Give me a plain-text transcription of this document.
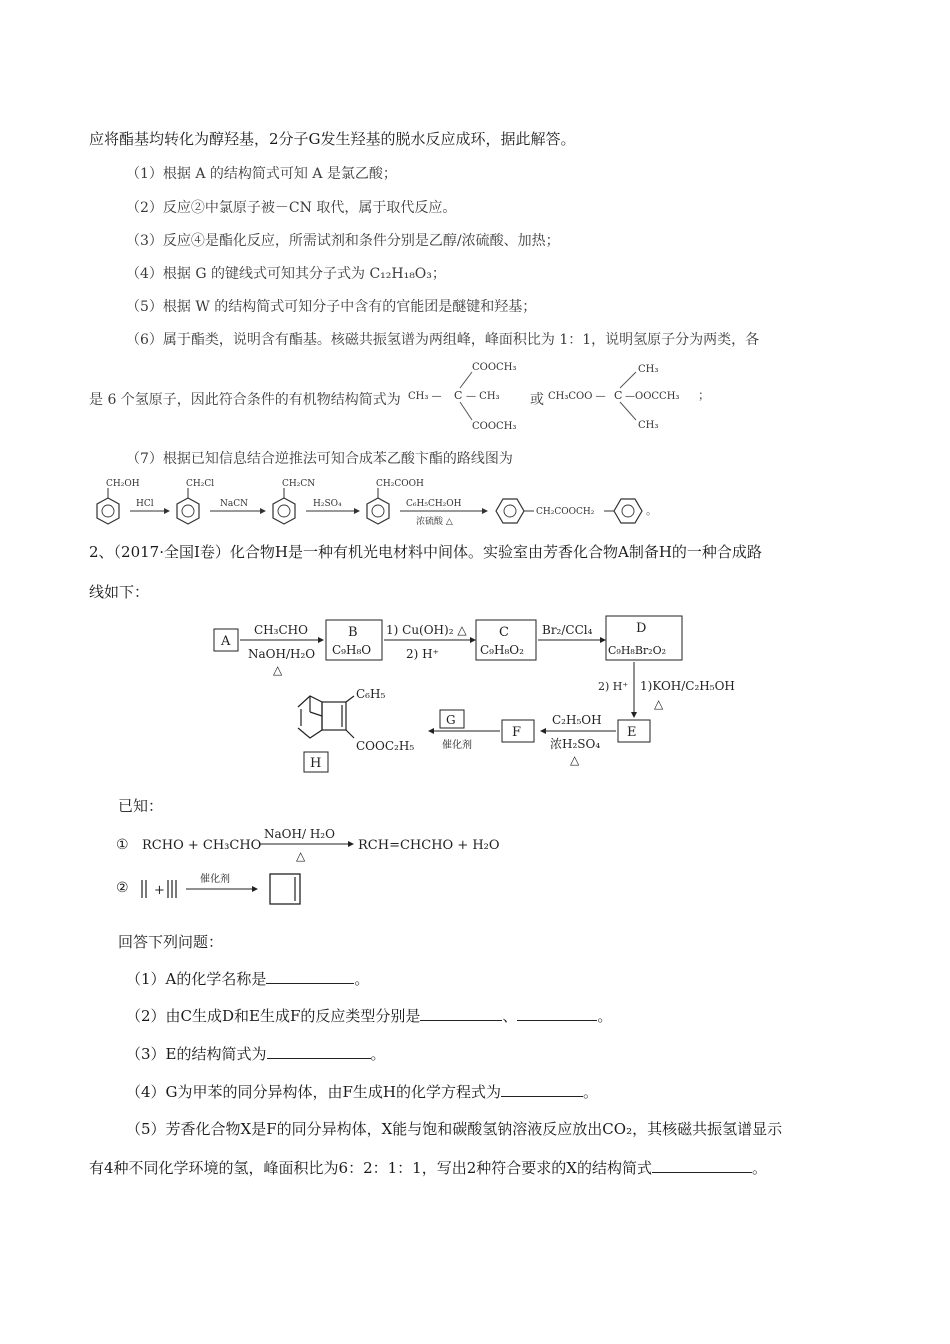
应将酯基均转化为醇羟基，2分子G发生羟基的脱水反应成环，据此解答。
（1）根据 A 的结构简式可知 A 是氯乙酸；
（2）反应②中氯原子被－CN 取代，属于取代反应。
（3）反应④是酯化反应，所需试剂和条件分别是乙醇/浓硫酸、加热；
（4）根据 G 的键线式可知其分子式为 C₁₂H₁₈O₃；
（5）根据 W 的结构简式可知分子中含有的官能团是醚键和羟基；
（6）属于酯类，说明含有酯基。核磁共振氢谱为两组峰，峰面积比为 1：1，说明氢原子分为两类，各
是 6 个氢原子，因此符合条件的有机物结构简式为
COOCH₃
CH₃ — C — CH₃
COOCH₃
或 CH₃COO — C
CH₃
—OOCCH₃
CH₃
；
（7）根据已知信息结合逆推法可知合成苯乙酸卞酯的路线图为
CH₂OH
HCl
CH₂Cl
NaCN
CH₂CN
H₂SO₄
CH₂COOH
C₆H₅CH₂OH
浓硫酸 △
CH₂COOCH₂	。
2、（2017·全国Ⅰ卷）化合物H是一种有机光电材料中间体。实验室由芳香化合物A制备H的一种合成路
线如下：
A
CH₃CHO
NaOH/H₂O
△
B
C₉H₈O
1) Cu(OH)₂ △
2) H⁺
C
C₉H₈O₂
Br₂/CCl₄	D
C₉H₈Br₂O₂
2) H⁺ 1)KOH/C₂H₅OH
△
E
C₂H₅OH
浓H₂SO₄
△
F
G
催化剂
C₆H₅
COOC₂H₅
H
已知：
① RCHO + CH₃CHO
NaOH/ H₂O
△
RCH=CHCHO + H₂O
② +
催化剂
回答下列问题：
（1）A的化学名称是	。
（2）由C生成D和E生成F的反应类型分别是	、	。
（3）E的结构简式为	。
（4）G为甲苯的同分异构体，由F生成H的化学方程式为	。
（5）芳香化合物X是F的同分异构体，X能与饱和碳酸氢钠溶液反应放出CO₂，其核磁共振氢谱显示
有4种不同化学环境的氢，峰面积比为6：2：1：1，写出2种符合要求的X的结构简式	。
